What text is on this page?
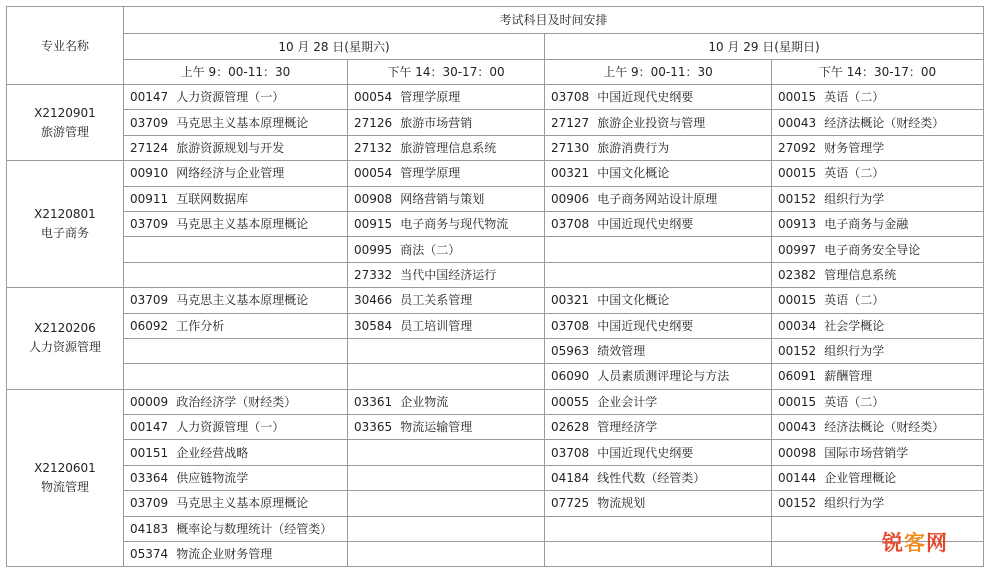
专业名称	考试科目及时间安排			
	10 月 28 日(星期六)		10 月 29 日(星期日)	
	上午 9：00-11：30	下午 14：30-17：00	上午 9：00-11：30	下午 14：30-17：00

X2120901
旅游管理	00147 人力资源管理（一）	00054 管理学原理	03708 中国近现代史纲要	00015 英语（二）
	03709 马克思主义基本原理概论	27126 旅游市场营销	27127 旅游企业投资与管理	00043 经济法概论（财经类）
	27124 旅游资源规划与开发	27132 旅游管理信息系统	27130 旅游消费行为	27092 财务管理学

X2120801
电子商务	00910 网络经济与企业管理	00054 管理学原理	00321 中国文化概论	00015 英语（二）
	00911 互联网数据库	00908 网络营销与策划	00906 电子商务网站设计原理	00152 组织行为学
	03709 马克思主义基本原理概论	00915 电子商务与现代物流	03708 中国近现代史纲要	00913 电子商务与金融
		00995 商法（二）		00997 电子商务安全导论
		27332 当代中国经济运行		02382 管理信息系统

X2120206
人力资源管理	03709 马克思主义基本原理概论	30466 员工关系管理	00321 中国文化概论	00015 英语（二）
	06092 工作分析	30584 员工培训管理	03708 中国近现代史纲要	00034 社会学概论
			05963 绩效管理	00152 组织行为学
			06090 人员素质测评理论与方法	06091 薪酬管理

X2120601
物流管理	00009 政治经济学（财经类）	03361 企业物流	00055 企业会计学	00015 英语（二）
	00147 人力资源管理（一）	03365 物流运输管理	02628 管理经济学	00043 经济法概论（财经类）
	00151 企业经营战略		03708 中国近现代史纲要	00098 国际市场营销学
	03364 供应链物流学		04184 线性代数（经管类）	00144 企业管理概论
	03709 马克思主义基本原理概论		07725 物流规划	00152 组织行为学
	04183 概率论与数理统计（经管类）			
	05374 物流企业财务管理				锐客网
